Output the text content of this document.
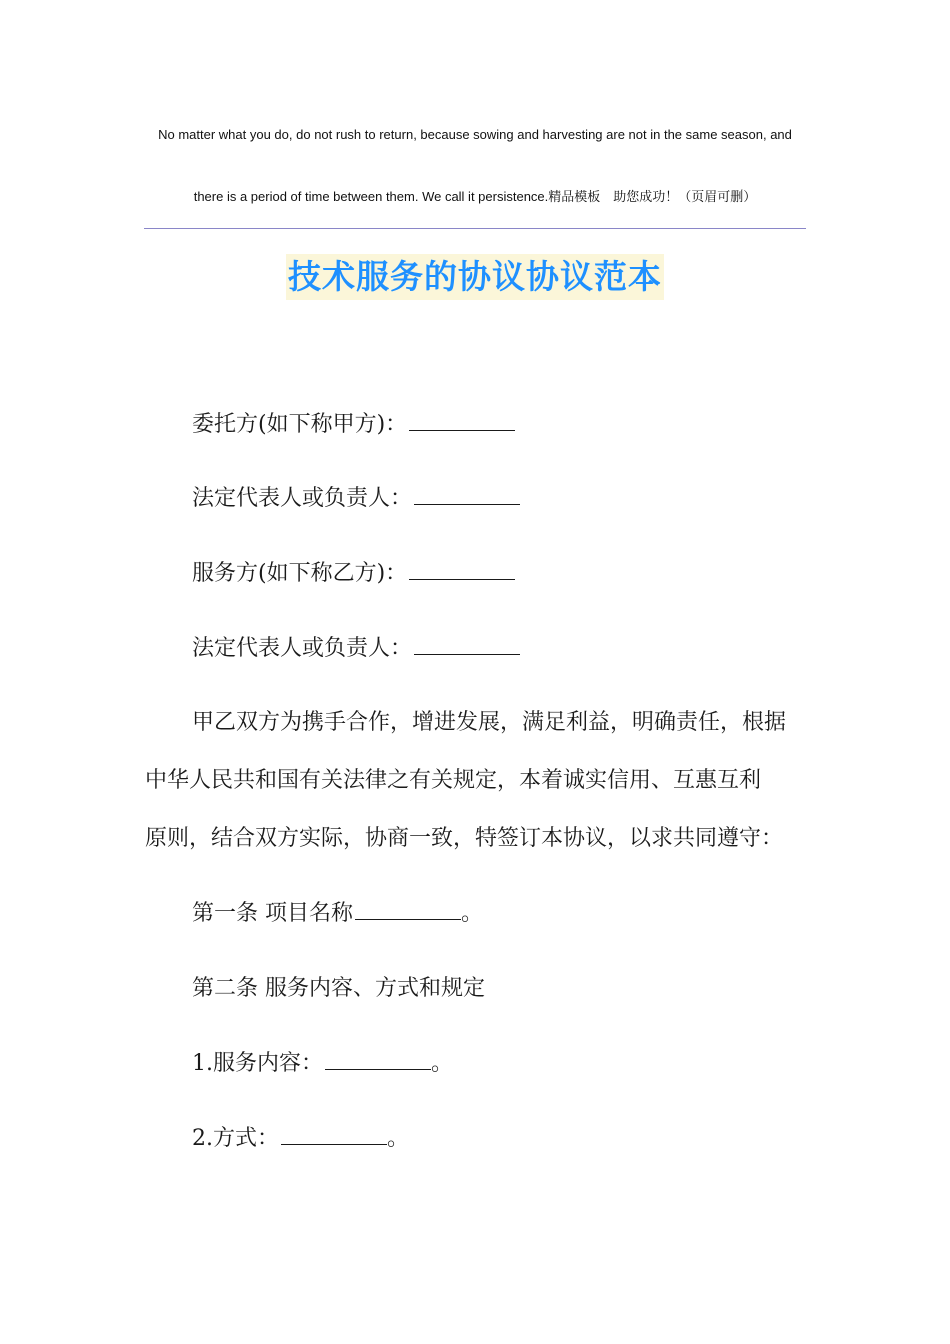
No matter what you do, do not rush to return, because sowing and harvesting are not in the same season, and
there is a period of time between them. We call it persistence.精品模板　助您成功！（页眉可删）
技术服务的协议协议范本
委托方(如下称甲方)：
法定代表人或负责人：
服务方(如下称乙方)：
法定代表人或负责人：
甲乙双方为携手合作，增进发展，满足利益，明确责任，根据
中华人民共和国有关法律之有关规定，本着诚实信用、互惠互利
原则，结合双方实际，协商一致，特签订本协议，以求共同遵守：
第一条 项目名称	。
第二条 服务内容、方式和规定
1.服务内容：	。
2.方式：	。
